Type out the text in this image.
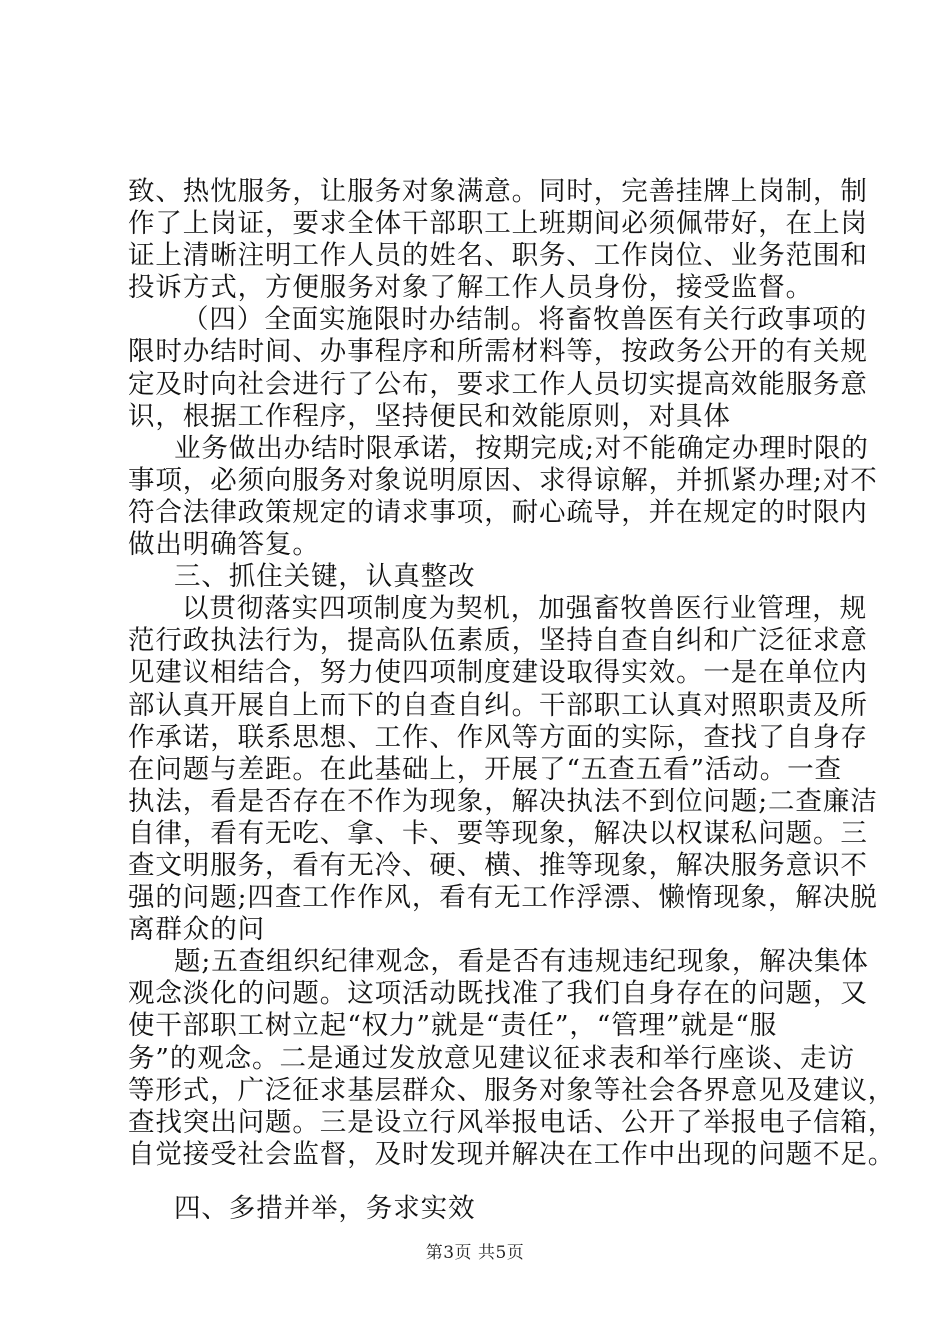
致、热忱服务，让服务对象满意。同时，完善挂牌上岗制，制
作了上岗证，要求全体干部职工上班期间必须佩带好，在上岗
证上清晰注明工作人员的姓名、职务、工作岗位、业务范围和
投诉方式，方便服务对象了解工作人员身份，接受监督。
（四）全面实施限时办结制。将畜牧兽医有关行政事项的
限时办结时间、办事程序和所需材料等，按政务公开的有关规
定及时向社会进行了公布，要求工作人员切实提高效能服务意
识，根据工作程序，坚持便民和效能原则，对具体
业务做出办结时限承诺，按期完成;对不能确定办理时限的
事项，必须向服务对象说明原因、求得谅解，并抓紧办理;对不
符合法律政策规定的请求事项，耐心疏导，并在规定的时限内
做出明确答复。
三、抓住关键，认真整改
以贯彻落实四项制度为契机，加强畜牧兽医行业管理，规
范行政执法行为，提高队伍素质，坚持自查自纠和广泛征求意
见建议相结合，努力使四项制度建设取得实效。一是在单位内
部认真开展自上而下的自查自纠。干部职工认真对照职责及所
作承诺，联系思想、工作、作风等方面的实际，查找了自身存
在问题与差距。在此基础上，开展了“五查五看”活动。一查
执法，看是否存在不作为现象，解决执法不到位问题;二查廉洁
自律，看有无吃、拿、卡、要等现象，解决以权谋私问题。三
查文明服务，看有无冷、硬、横、推等现象，解决服务意识不
强的问题;四查工作作风，看有无工作浮漂、懒惰现象，解决脱
离群众的问
题;五查组织纪律观念，看是否有违规违纪现象，解决集体
观念淡化的问题。这项活动既找准了我们自身存在的问题，又
使干部职工树立起“权力”就是“责任”，“管理”就是“服
务”的观念。二是通过发放意见建议征求表和举行座谈、走访
等形式，广泛征求基层群众、服务对象等社会各界意见及建议，
查找突出问题。三是设立行风举报电话、公开了举报电子信箱，
自觉接受社会监督，及时发现并解决在工作中出现的问题不足。
四、多措并举，务求实效
第3页 共5页
